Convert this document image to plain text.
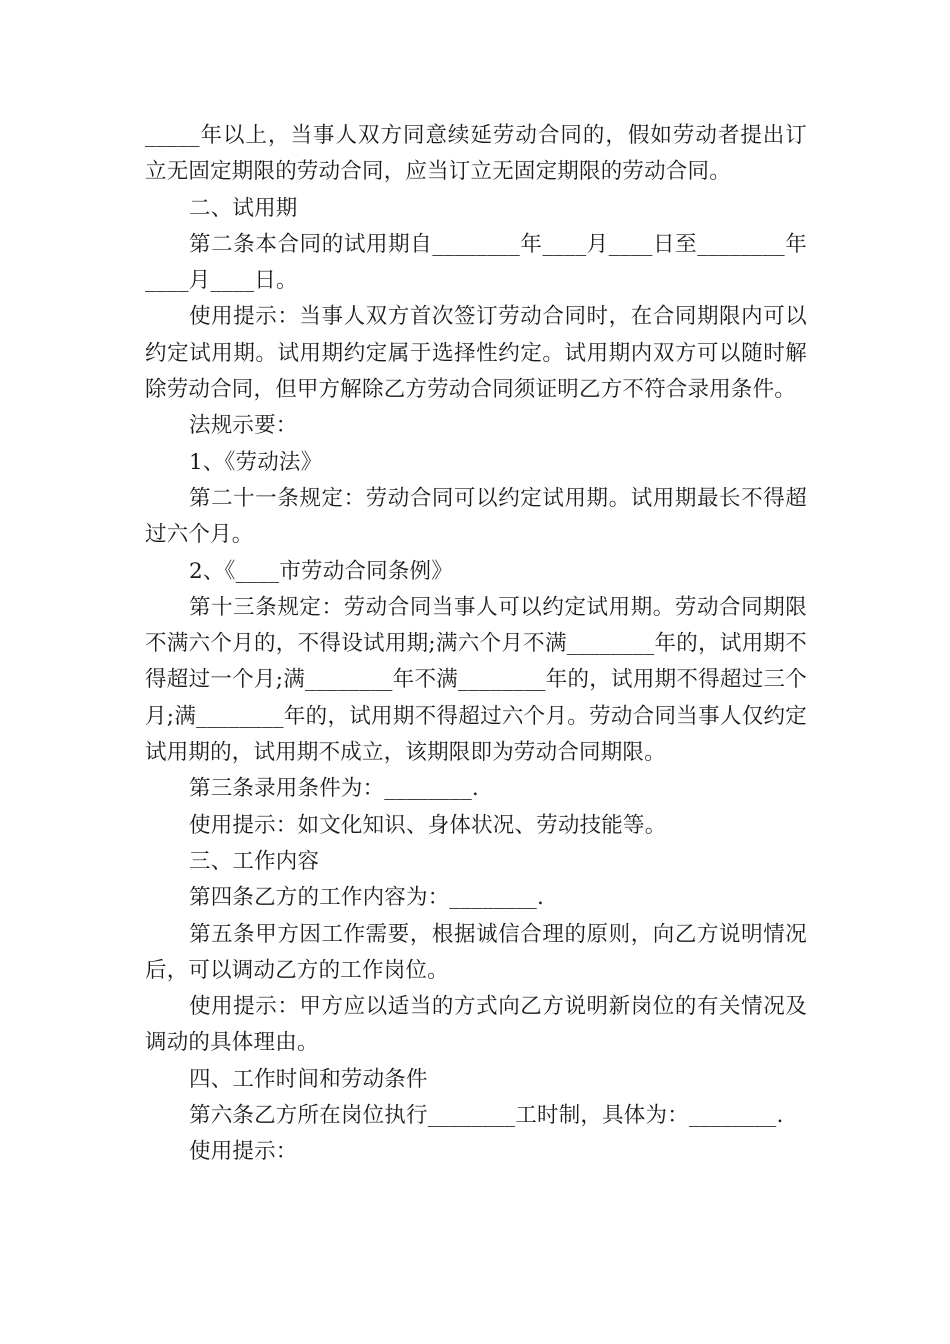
_____年以上，当事人双方同意续延劳动合同的，假如劳动者提出订立无固定期限的劳动合同，应当订立无固定期限的劳动合同。

二、试用期

第二条本合同的试用期自________年____月____日至________年____月____日。

使用提示：当事人双方首次签订劳动合同时，在合同期限内可以约定试用期。试用期约定属于选择性约定。试用期内双方可以随时解除劳动合同，但甲方解除乙方劳动合同须证明乙方不符合录用条件。

法规示要：

1、《劳动法》

第二十一条规定：劳动合同可以约定试用期。试用期最长不得超过六个月。

2、《____市劳动合同条例》

第十三条规定：劳动合同当事人可以约定试用期。劳动合同期限不满六个月的，不得设试用期;满六个月不满________年的，试用期不得超过一个月;满________年不满________年的，试用期不得超过三个月;满________年的，试用期不得超过六个月。劳动合同当事人仅约定试用期的，试用期不成立，该期限即为劳动合同期限。

第三条录用条件为：________.

使用提示：如文化知识、身体状况、劳动技能等。

三、工作内容

第四条乙方的工作内容为：________.

第五条甲方因工作需要，根据诚信合理的原则，向乙方说明情况后，可以调动乙方的工作岗位。

使用提示：甲方应以适当的方式向乙方说明新岗位的有关情况及调动的具体理由。

四、工作时间和劳动条件

第六条乙方所在岗位执行________工时制，具体为：________.

使用提示：
